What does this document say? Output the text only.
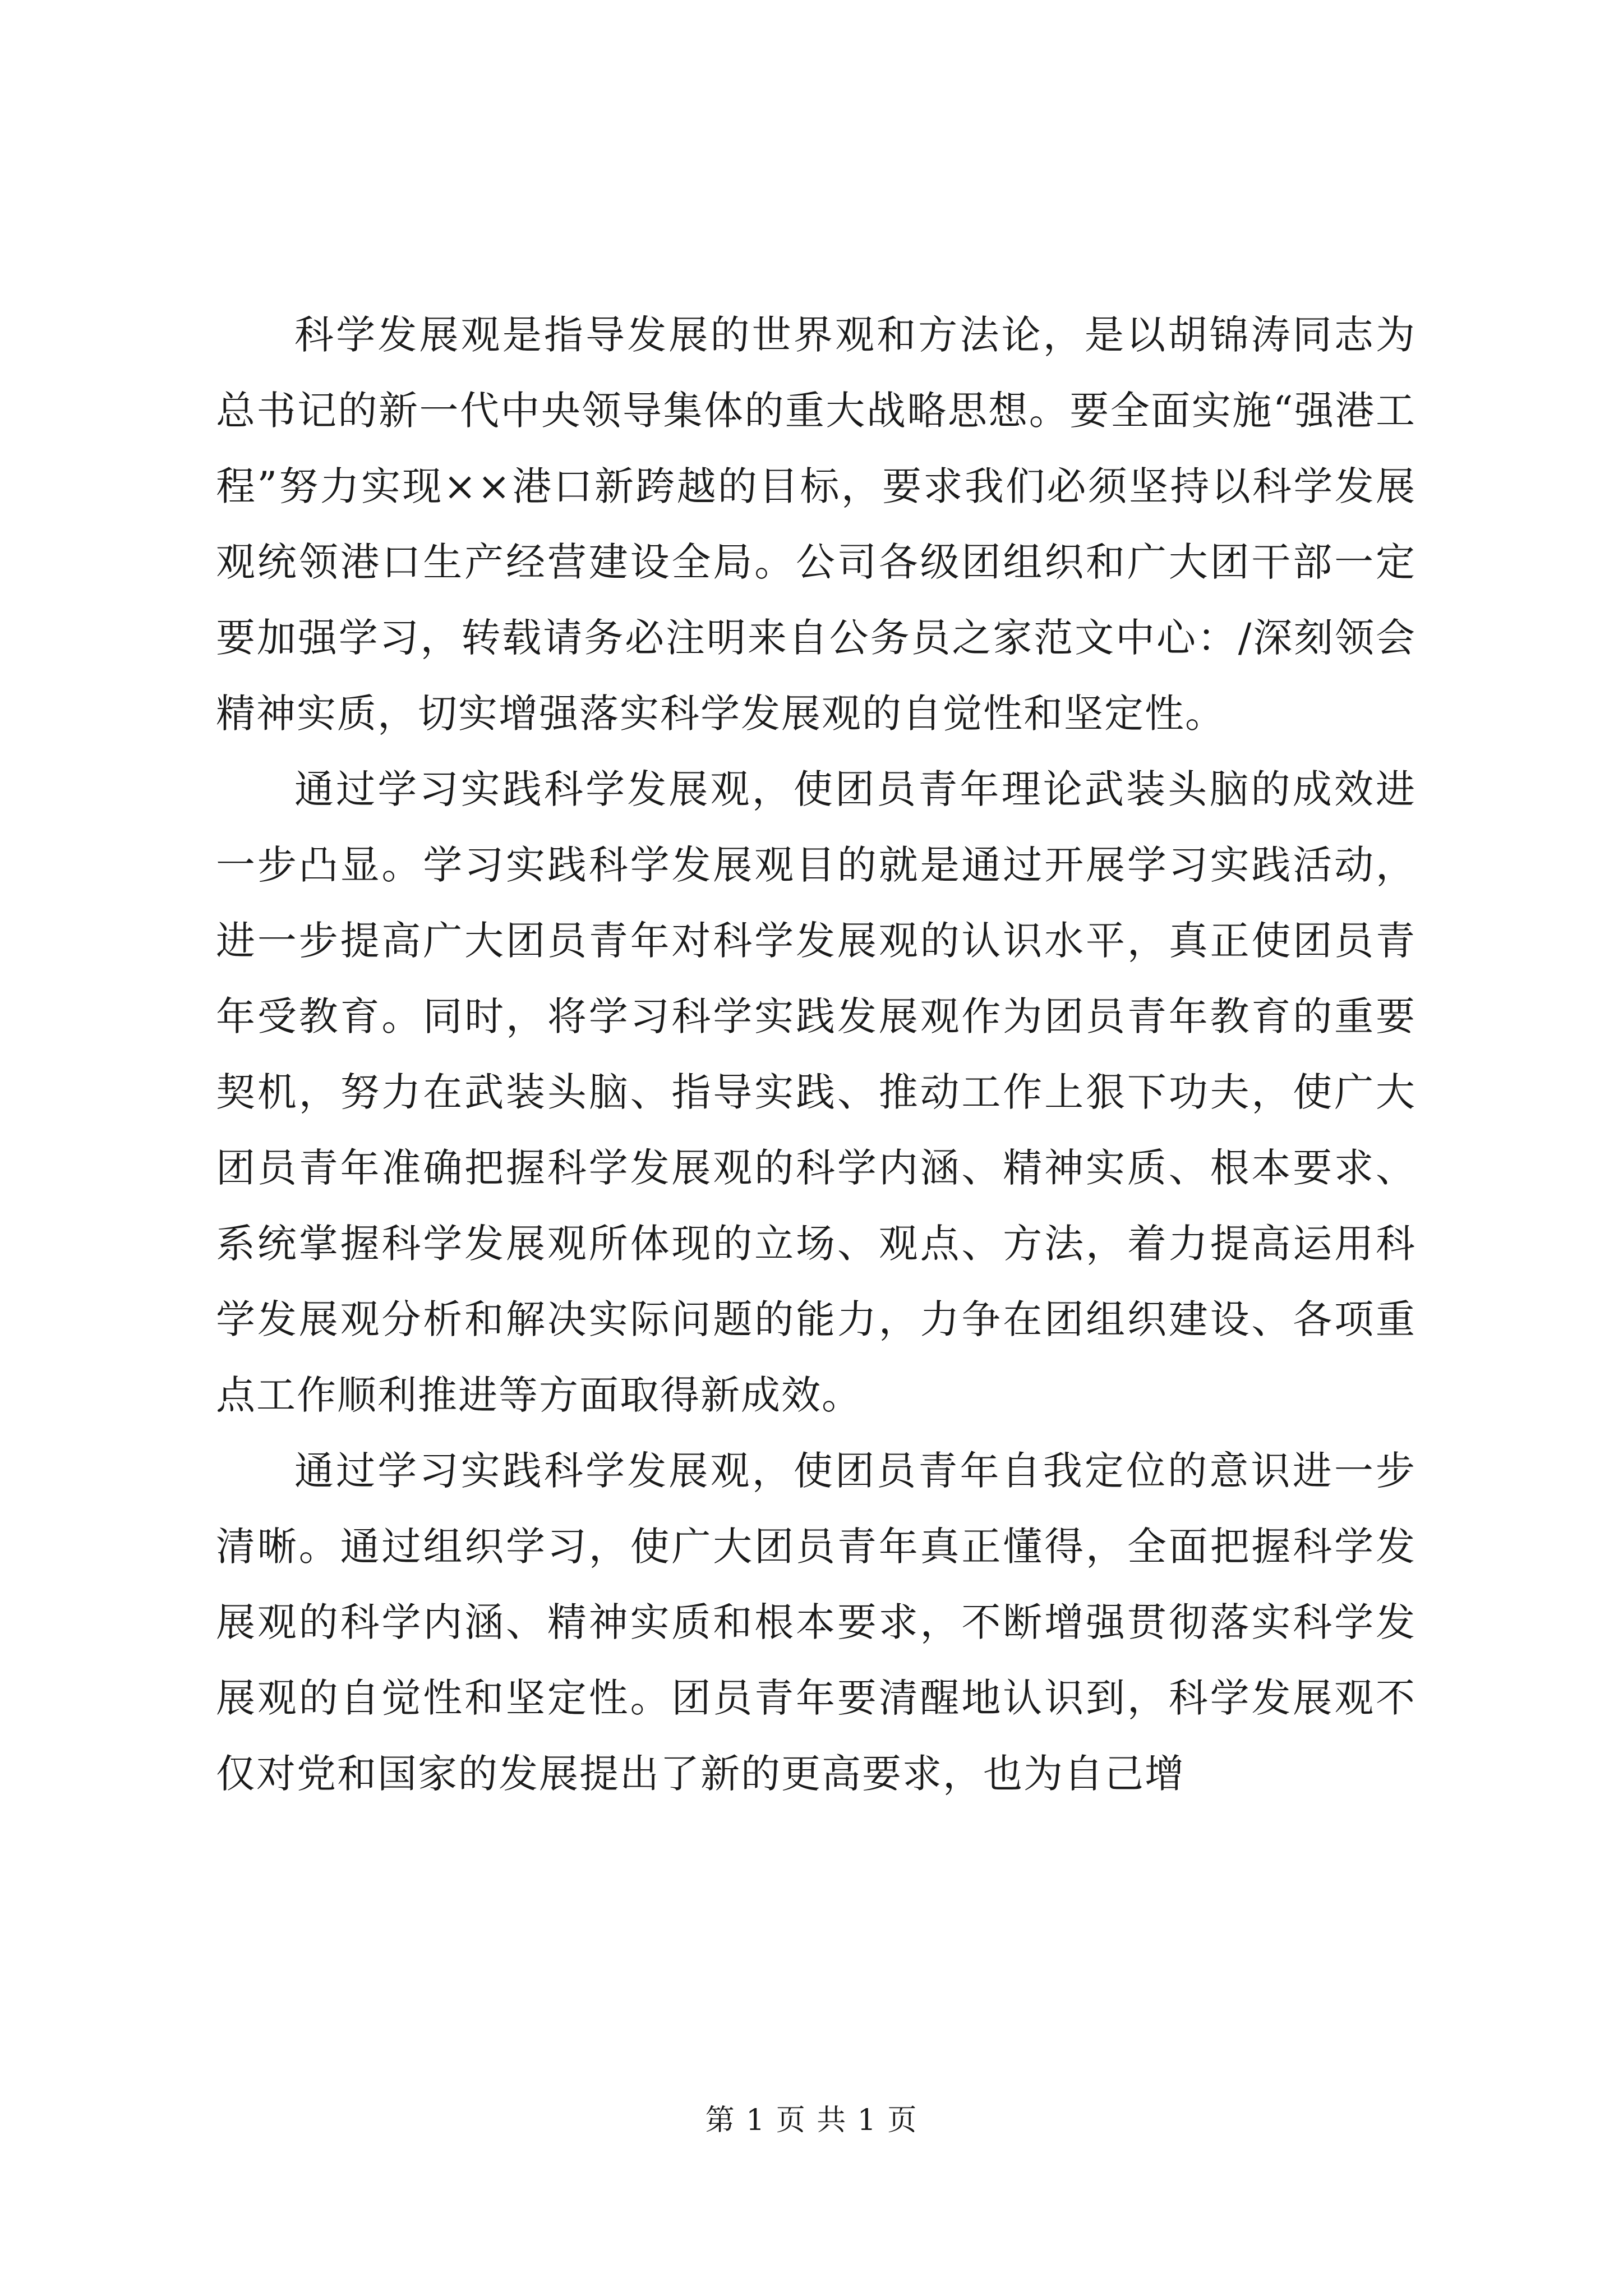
科学发展观是指导发展的世界观和方法论，是以胡锦涛同志为总书记的新一代中央领导集体的重大战略思想。要全面实施“强港工程”努力实现××港口新跨越的目标，要求我们必须坚持以科学发展观统领港口生产经营建设全局。公司各级团组织和广大团干部一定要加强学习，转载请务必注明来自公务员之家范文中心：/深刻领会精神实质，切实增强落实科学发展观的自觉性和坚定性。

通过学习实践科学发展观，使团员青年理论武装头脑的成效进一步凸显。学习实践科学发展观目的就是通过开展学习实践活动，进一步提高广大团员青年对科学发展观的认识水平，真正使团员青年受教育。同时，将学习科学实践发展观作为团员青年教育的重要契机，努力在武装头脑、指导实践、推动工作上狠下功夫，使广大团员青年准确把握科学发展观的科学内涵、精神实质、根本要求、系统掌握科学发展观所体现的立场、观点、方法，着力提高运用科学发展观分析和解决实际问题的能力，力争在团组织建设、各项重点工作顺利推进等方面取得新成效。

通过学习实践科学发展观，使团员青年自我定位的意识进一步清晰。通过组织学习，使广大团员青年真正懂得，全面把握科学发展观的科学内涵、精神实质和根本要求，不断增强贯彻落实科学发展观的自觉性和坚定性。团员青年要清醒地认识到，科学发展观不仅对党和国家的发展提出了新的更高要求，也为自己增

第 1 页 共 1 页
